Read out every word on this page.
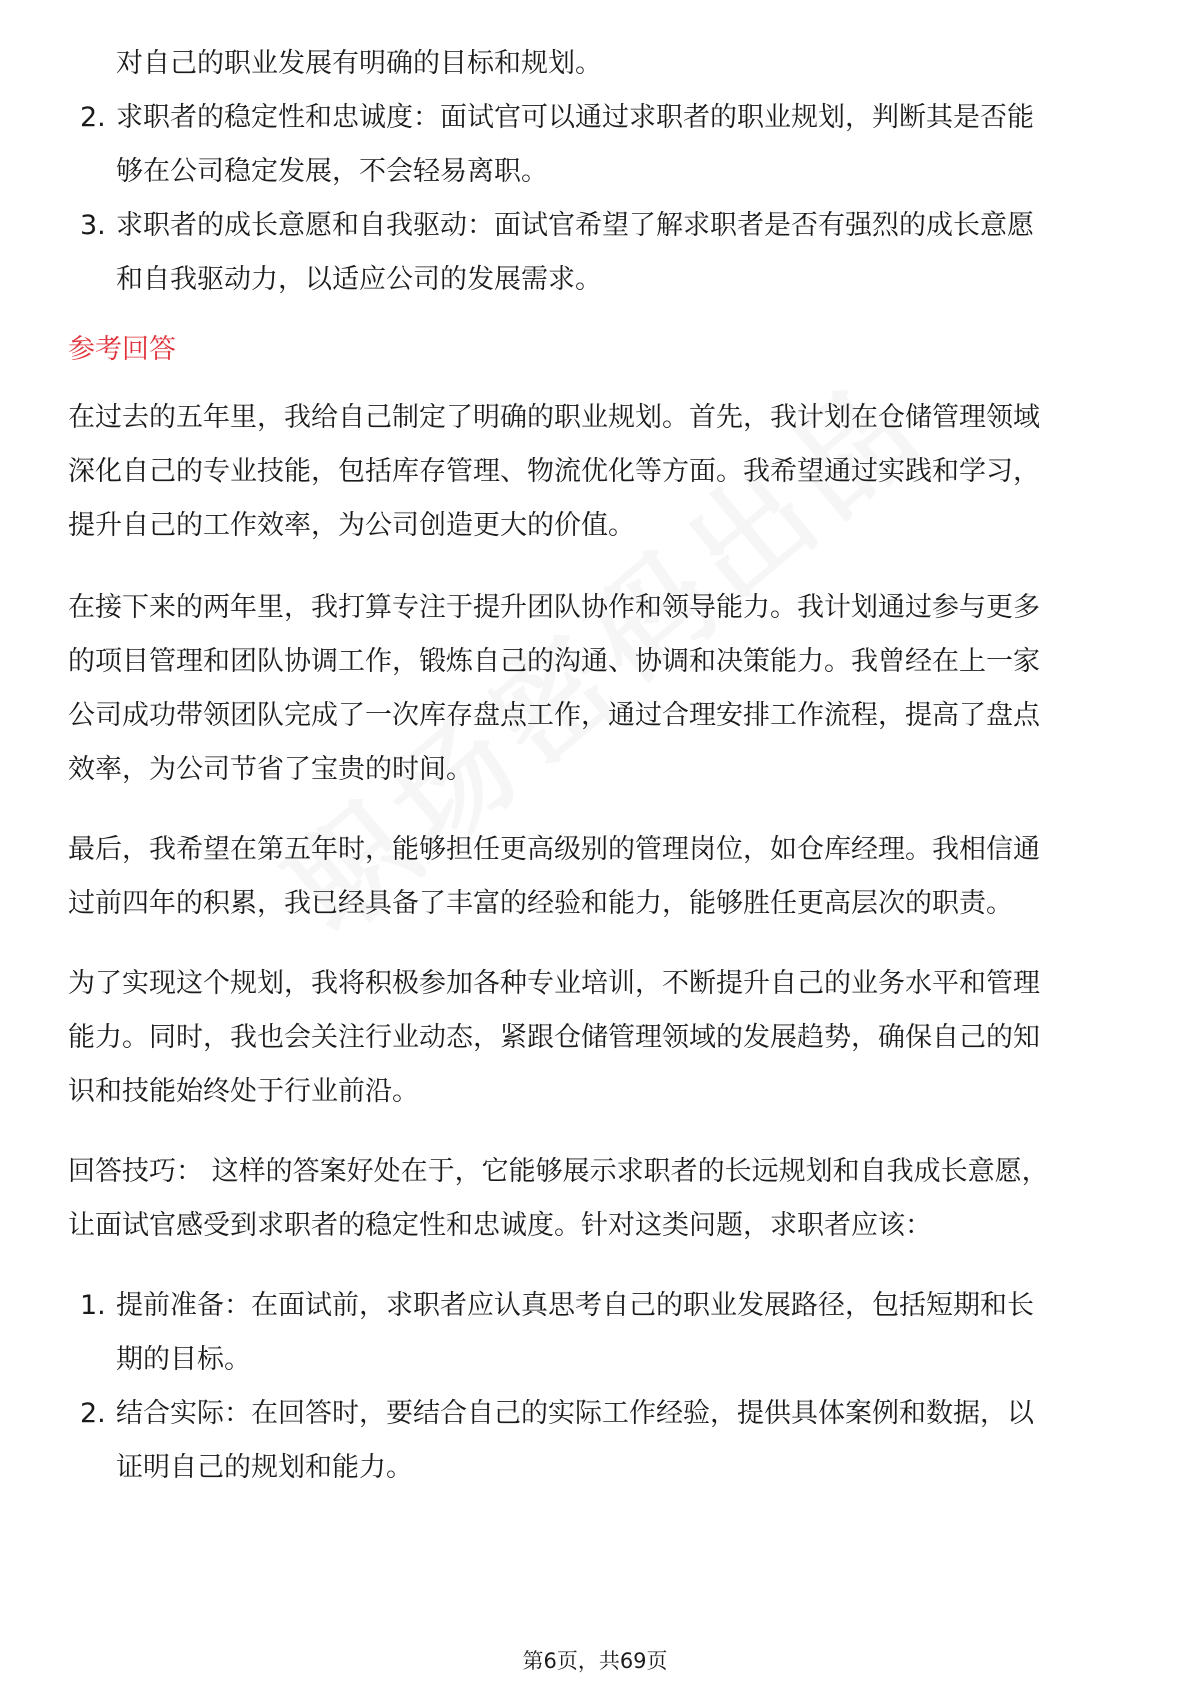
对自己的职业发展有明确的目标和规划。
2. 求职者的稳定性和忠诚度：面试官可以通过求职者的职业规划，判断其是否能
够在公司稳定发展，不会轻易离职。
3. 求职者的成长意愿和自我驱动：面试官希望了解求职者是否有强烈的成长意愿
和自我驱动力，以适应公司的发展需求。
参考回答
在过去的五年里，我给自己制定了明确的职业规划。首先，我计划在仓储管理领域
深化自己的专业技能，包括库存管理、物流优化等方面。我希望通过实践和学习，
提升自己的工作效率，为公司创造更大的价值。
在接下来的两年里，我打算专注于提升团队协作和领导能力。我计划通过参与更多
的项目管理和团队协调工作，锻炼自己的沟通、协调和决策能力。我曾经在上一家
公司成功带领团队完成了一次库存盘点工作，通过合理安排工作流程，提高了盘点
效率，为公司节省了宝贵的时间。
最后，我希望在第五年时，能够担任更高级别的管理岗位，如仓库经理。我相信通
过前四年的积累，我已经具备了丰富的经验和能力，能够胜任更高层次的职责。
为了实现这个规划，我将积极参加各种专业培训，不断提升自己的业务水平和管理
能力。同时，我也会关注行业动态，紧跟仓储管理领域的发展趋势，确保自己的知
识和技能始终处于行业前沿。
回答技巧： 这样的答案好处在于，它能够展示求职者的长远规划和自我成长意愿，
让面试官感受到求职者的稳定性和忠诚度。针对这类问题，求职者应该：
1. 提前准备：在面试前，求职者应认真思考自己的职业发展路径，包括短期和长
期的目标。
2. 结合实际：在回答时，要结合自己的实际工作经验，提供具体案例和数据，以
证明自己的规划和能力。
第6页，共69页
